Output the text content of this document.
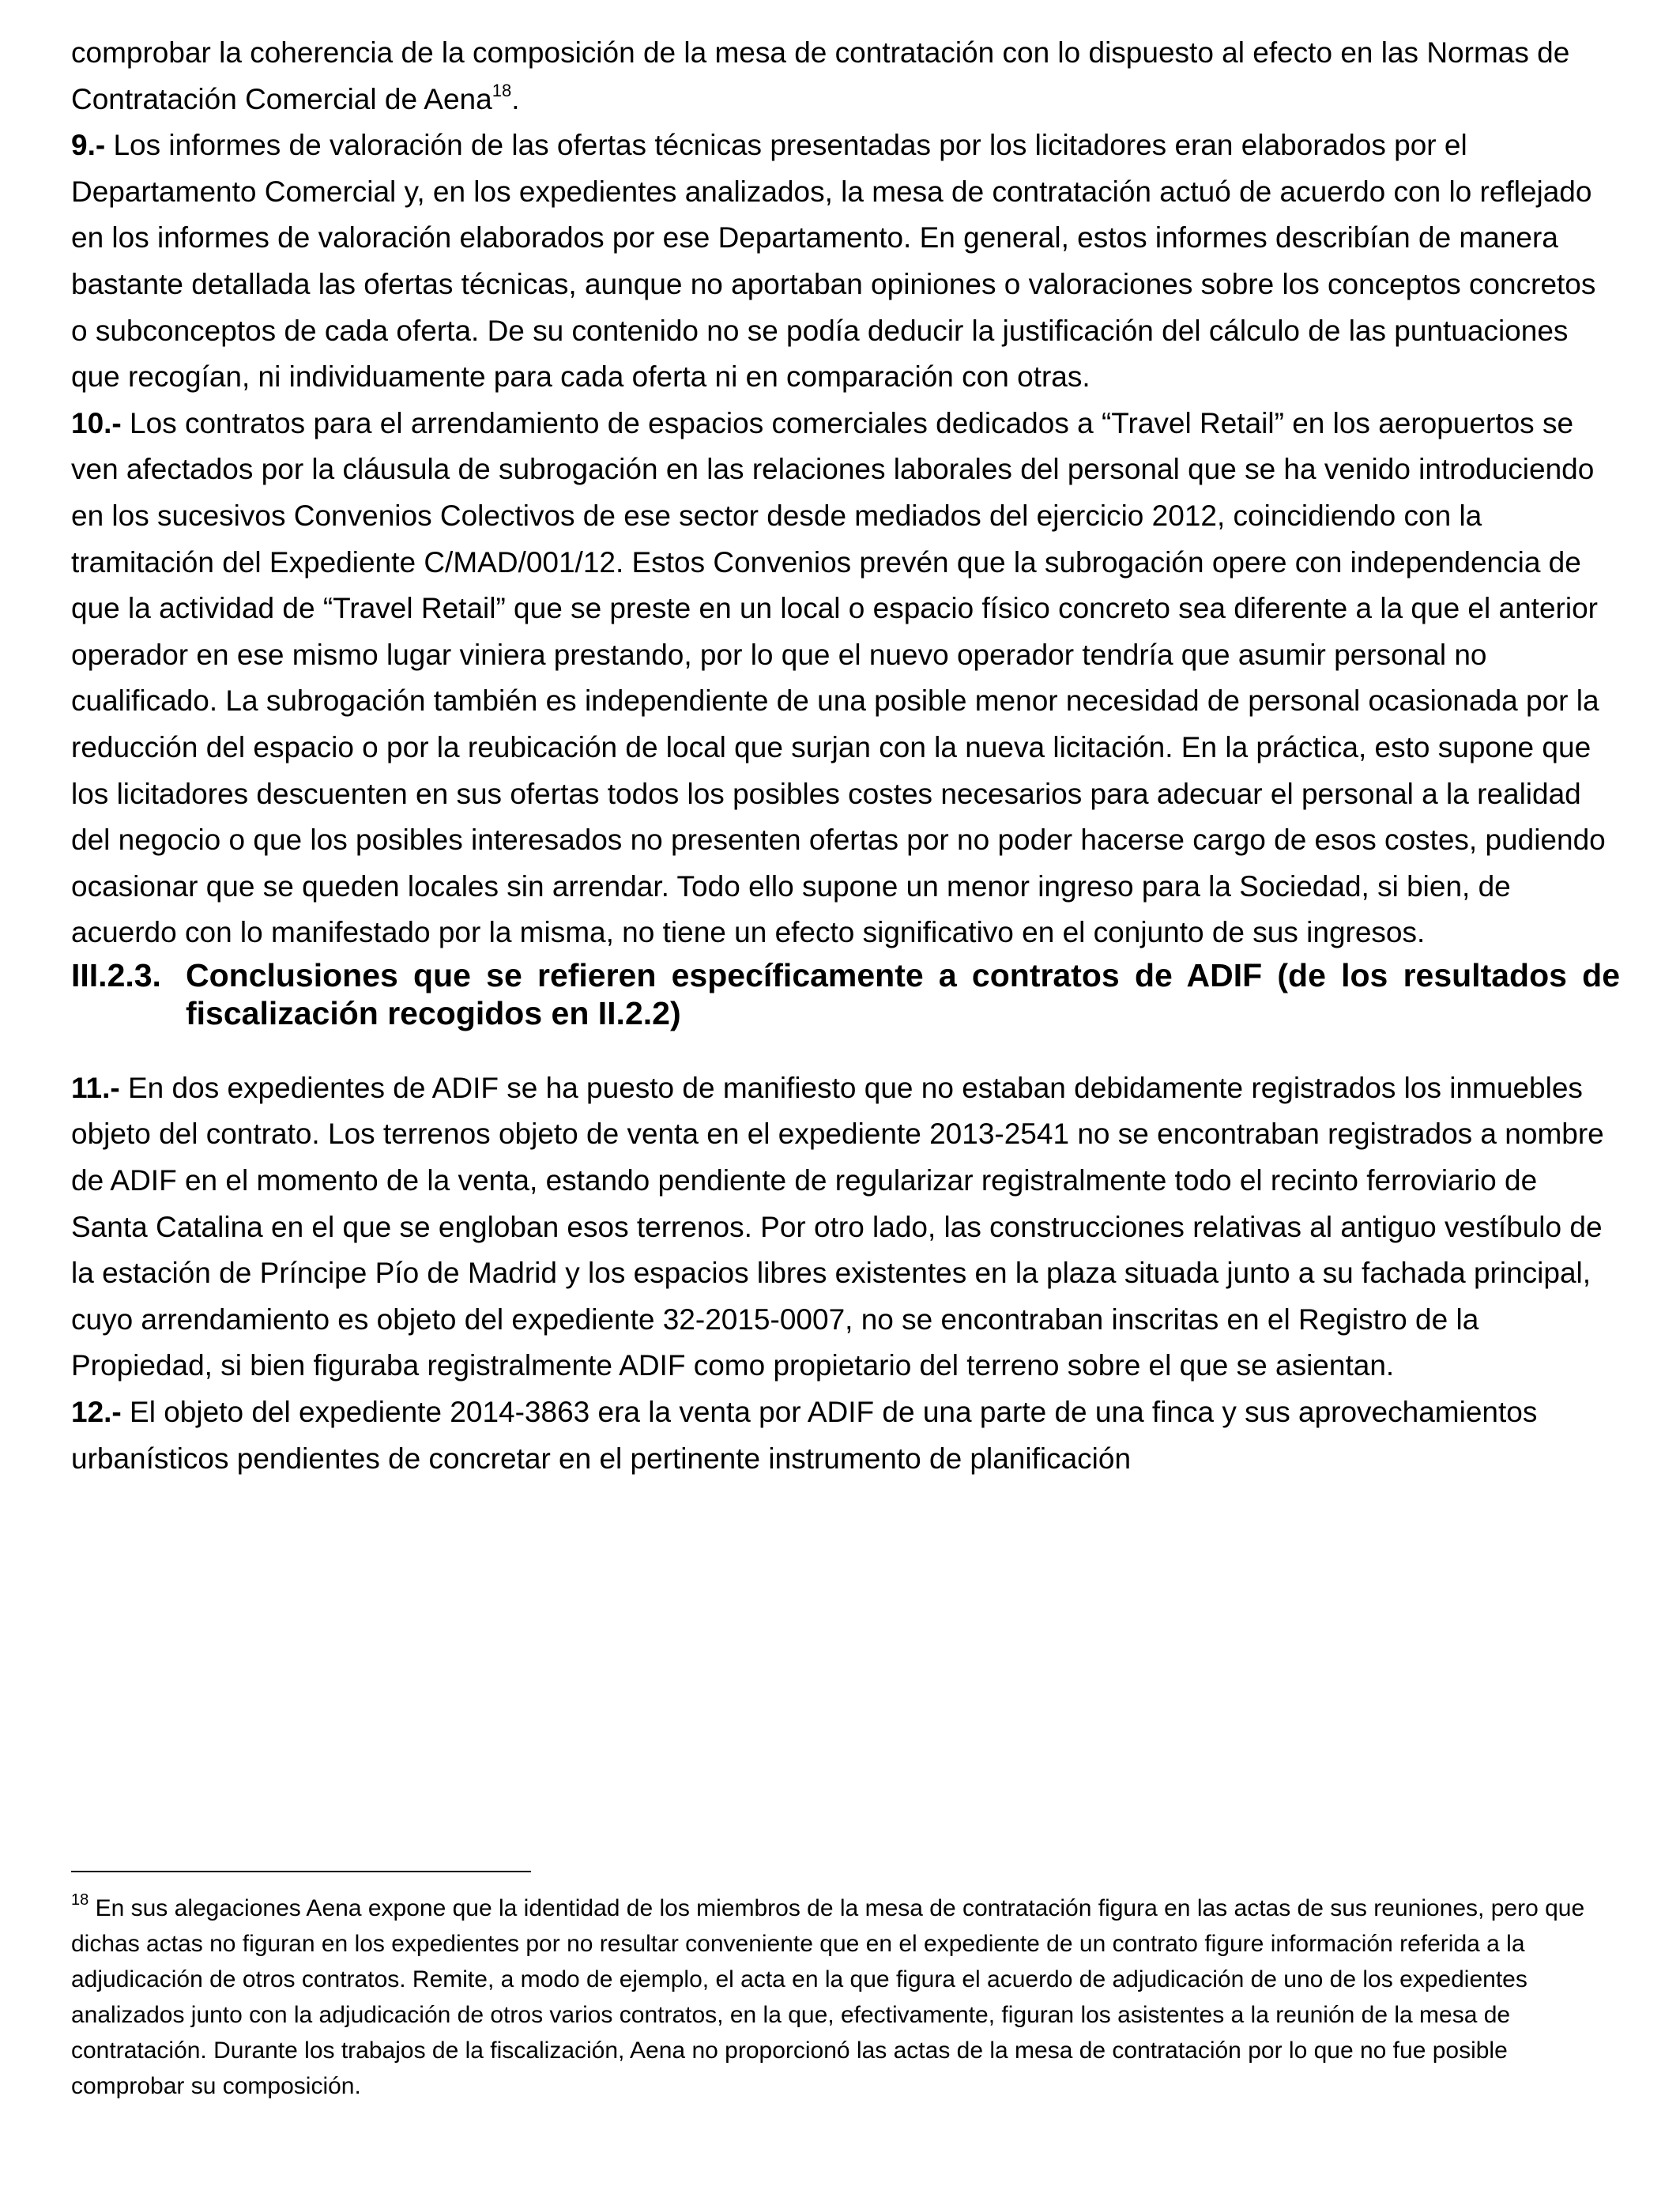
comprobar la coherencia de la composición de la mesa de contratación con lo dispuesto al efecto en las Normas de Contratación Comercial de Aena$^{18}$.

9.- Los informes de valoración de las ofertas técnicas presentadas por los licitadores eran elaborados por el Departamento Comercial y, en los expedientes analizados, la mesa de contratación actuó de acuerdo con lo reflejado en los informes de valoración elaborados por ese Departamento. En general, estos informes describían de manera bastante detallada las ofertas técnicas, aunque no aportaban opiniones o valoraciones sobre los conceptos concretos o subconceptos de cada oferta. De su contenido no se podía deducir la justificación del cálculo de las puntuaciones que recogían, ni individuamente para cada oferta ni en comparación con otras.

10.- Los contratos para el arrendamiento de espacios comerciales dedicados a “Travel Retail” en los aeropuertos se ven afectados por la cláusula de subrogación en las relaciones laborales del personal que se ha venido introduciendo en los sucesivos Convenios Colectivos de ese sector desde mediados del ejercicio 2012, coincidiendo con la tramitación del Expediente C/MAD/001/12. Estos Convenios prevén que la subrogación opere con independencia de que la actividad de “Travel Retail” que se preste en un local o espacio físico concreto sea diferente a la que el anterior operador en ese mismo lugar viniera prestando, por lo que el nuevo operador tendría que asumir personal no cualificado. La subrogación también es independiente de una posible menor necesidad de personal ocasionada por la reducción del espacio o por la reubicación de local que surjan con la nueva licitación. En la práctica, esto supone que los licitadores descuenten en sus ofertas todos los posibles costes necesarios para adecuar el personal a la realidad del negocio o que los posibles interesados no presenten ofertas por no poder hacerse cargo de esos costes, pudiendo ocasionar que se queden locales sin arrendar. Todo ello supone un menor ingreso para la Sociedad, si bien, de acuerdo con lo manifestado por la misma, no tiene un efecto significativo en el conjunto de sus ingresos.

III.2.3. Conclusiones que se refieren específicamente a contratos de ADIF (de los resultados de fiscalización recogidos en II.2.2)

11.- En dos expedientes de ADIF se ha puesto de manifiesto que no estaban debidamente registrados los inmuebles objeto del contrato. Los terrenos objeto de venta en el expediente 2013-2541 no se encontraban registrados a nombre de ADIF en el momento de la venta, estando pendiente de regularizar registralmente todo el recinto ferroviario de Santa Catalina en el que se engloban esos terrenos. Por otro lado, las construcciones relativas al antiguo vestíbulo de la estación de Príncipe Pío de Madrid y los espacios libres existentes en la plaza situada junto a su fachada principal, cuyo arrendamiento es objeto del expediente 32-2015-0007, no se encontraban inscritas en el Registro de la Propiedad, si bien figuraba registralmente ADIF como propietario del terreno sobre el que se asientan.

12.- El objeto del expediente 2014-3863 era la venta por ADIF de una parte de una finca y sus aprovechamientos urbanísticos pendientes de concretar en el pertinente instrumento de planificación

$^{18}$ En sus alegaciones Aena expone que la identidad de los miembros de la mesa de contratación figura en las actas de sus reuniones, pero que dichas actas no figuran en los expedientes por no resultar conveniente que en el expediente de un contrato figure información referida a la adjudicación de otros contratos. Remite, a modo de ejemplo, el acta en la que figura el acuerdo de adjudicación de uno de los expedientes analizados junto con la adjudicación de otros varios contratos, en la que, efectivamente, figuran los asistentes a la reunión de la mesa de contratación. Durante los trabajos de la fiscalización, Aena no proporcionó las actas de la mesa de contratación por lo que no fue posible comprobar su composición.
